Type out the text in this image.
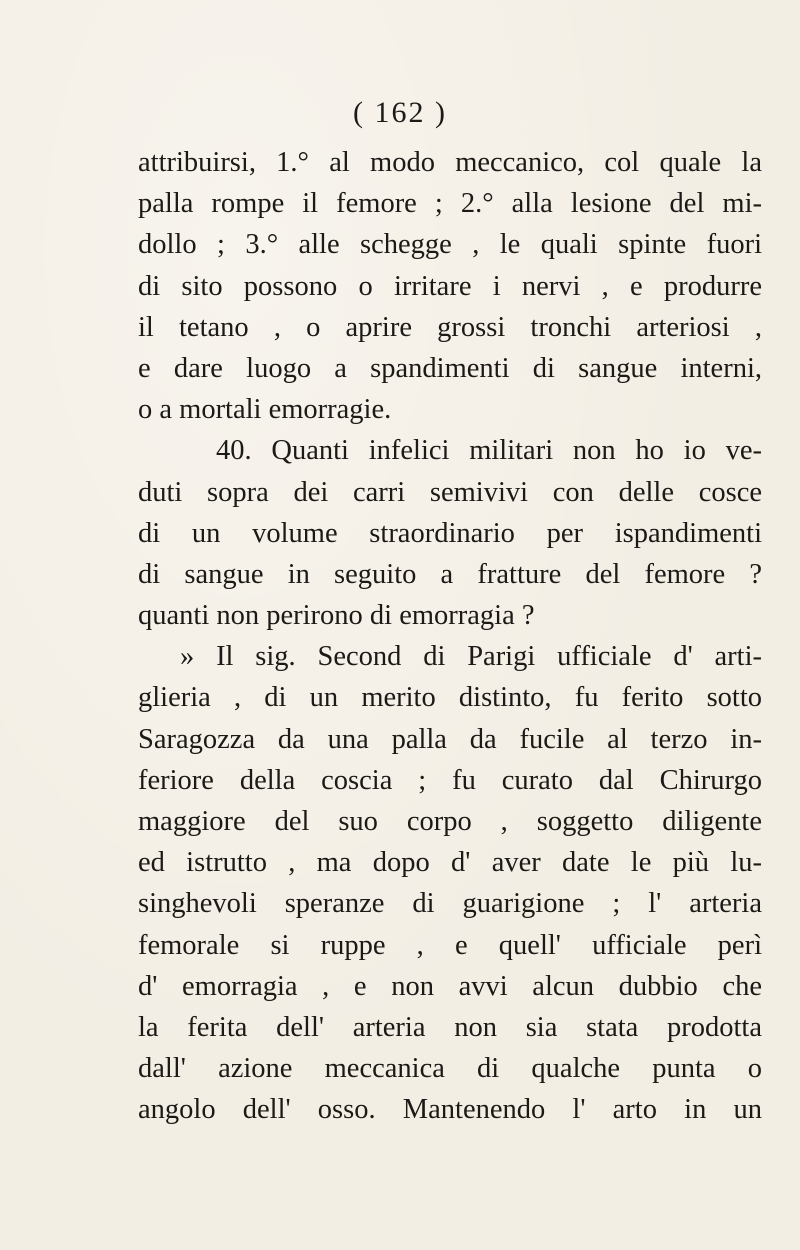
( 162 )
attribuirsi, 1.° al modo meccanico, col quale la
palla rompe il femore ; 2.° alla lesione del mi-
dollo ; 3.° alle schegge , le quali spinte fuori
di sito possono o irritare i nervi , e produrre
il tetano , o aprire grossi tronchi arteriosi ,
e dare luogo a spandimenti di sangue interni,
o a mortali emorragie.
40. Quanti infelici militari non ho io ve-
duti sopra dei carri semivivi con delle cosce
di un volume straordinario per ispandimenti
di sangue in seguito a fratture del femore ?
quanti non perirono di emorragia ?
» Il sig. Second di Parigi ufficiale d' arti-
glieria , di un merito distinto, fu ferito sotto
Saragozza da una palla da fucile al terzo in-
feriore della coscia ; fu curato dal Chirurgo
maggiore del suo corpo , soggetto diligente
ed istrutto , ma dopo d' aver date le più lu-
singhevoli speranze di guarigione ; l' arteria
femorale si ruppe , e quell' ufficiale perì
d' emorragia , e non avvi alcun dubbio che
la ferita dell' arteria non sia stata prodotta
dall' azione meccanica di qualche punta o
angolo dell' osso. Mantenendo l' arto in un
